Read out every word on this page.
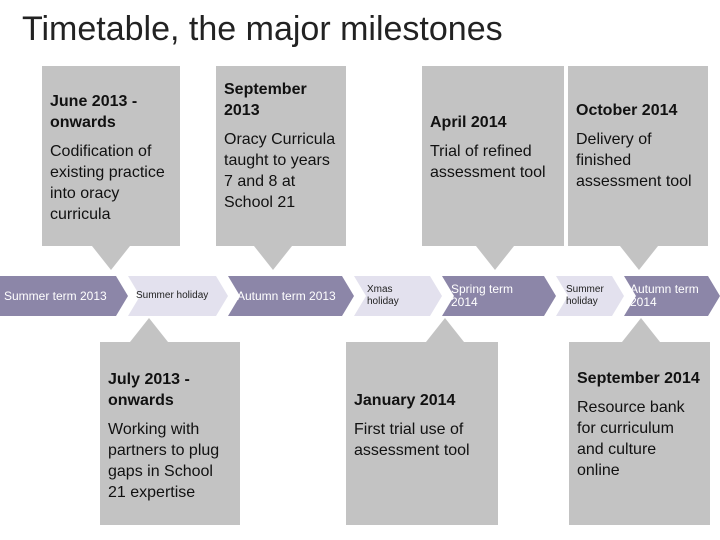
Timetable, the major milestones
June 2013 -
onwards
Codification of existing practice into oracy curricula
September 2013
Oracy Curricula taught to years 7 and 8 at School 21
April 2014
Trial of refined assessment tool
October 2014
Delivery of finished assessment tool
Summer term 2013	Summer holiday Autumn term 2013	Xmas holiday
Spring term 2014
Summer holiday
Autumn term 2014
July 2013 -
onwards
Working with partners to plug gaps in School 21 expertise
January 2014
First trial use of assessment tool
September 2014
Resource bank for curriculum and culture online
